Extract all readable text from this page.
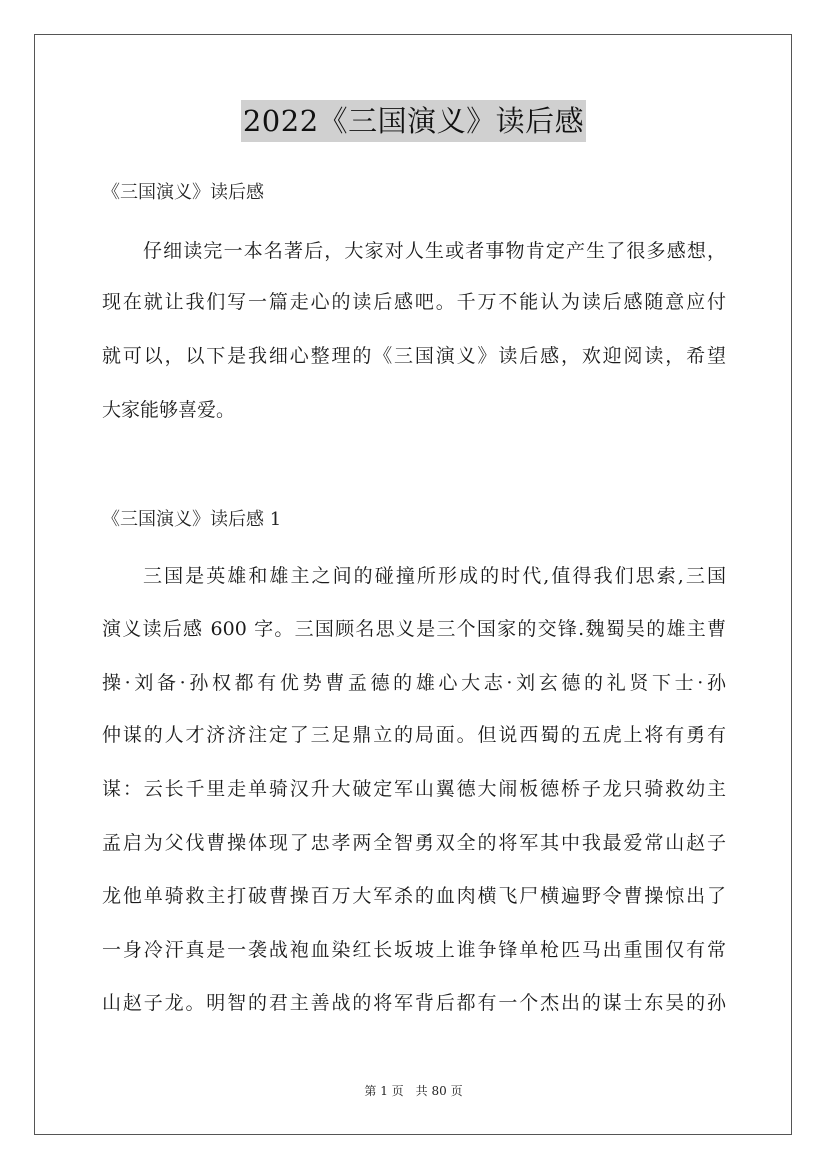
2022《三国演义》读后感
《三国演义》读后感
仔细读完一本名著后，大家对人生或者事物肯定产生了很多感想，
现在就让我们写一篇走心的读后感吧。千万不能认为读后感随意应付
就可以，以下是我细心整理的《三国演义》读后感，欢迎阅读，希望
大家能够喜爱。
《三国演义》读后感 1
三国是英雄和雄主之间的碰撞所形成的时代,值得我们思索,三国
演义读后感 600 字。三国顾名思义是三个国家的交锋.魏蜀吴的雄主曹
操·刘备·孙权都有优势曹孟德的雄心大志·刘玄德的礼贤下士·孙
仲谋的人才济济注定了三足鼎立的局面。但说西蜀的五虎上将有勇有
谋：云长千里走单骑汉升大破定军山翼德大闹板德桥子龙只骑救幼主
孟启为父伐曹操体现了忠孝两全智勇双全的将军其中我最爱常山赵子
龙他单骑救主打破曹操百万大军杀的血肉横飞尸横遍野令曹操惊出了
一身冷汗真是一袭战袍血染红长坂坡上谁争锋单枪匹马出重围仅有常
山赵子龙。明智的君主善战的将军背后都有一个杰出的谋士东吴的孙
第 1 页　共 80 页
